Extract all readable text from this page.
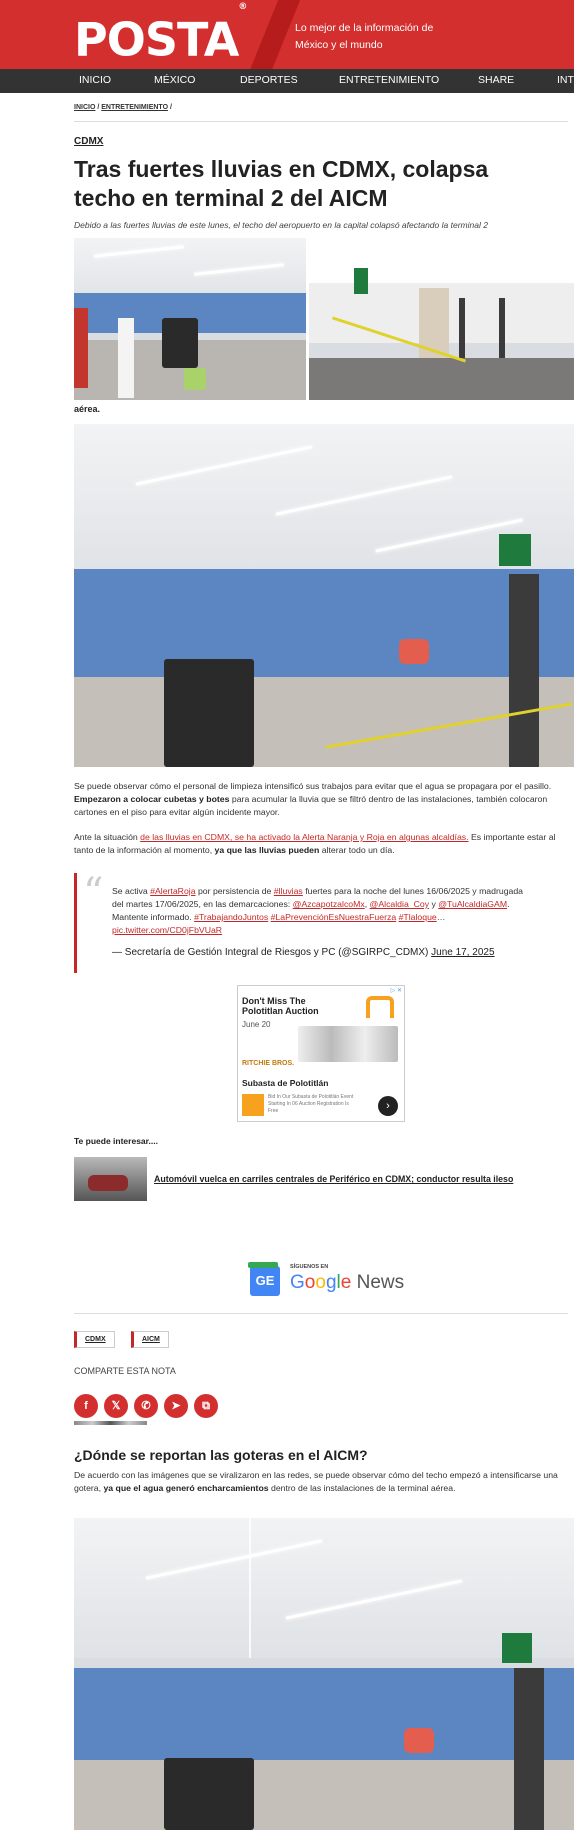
POSTA®
Lo mejor de la información de
México y el mundo
INICIO	MÉXICO	DEPORTES	ENTRETENIMIENTO	SHARE	INTE
INICIO / ENTRETENIMIENTO /
CDMX
Tras fuertes lluvias en CDMX, colapsa techo en terminal 2 del AICM
Debido a las fuertes lluvias de este lunes, el techo del aeropuerto en la capital colapsó afectando la terminal 2
aérea.

Se puede observar cómo el personal de limpieza intensificó sus trabajos para evitar que el agua se propagara por el pasillo. Empezaron a colocar cubetas y botes para acumular la lluvia que se filtró dentro de las instalaciones, también colocaron cartones en el piso para evitar algún incidente mayor.

Ante la situación de las lluvias en CDMX, se ha activado la Alerta Naranja y Roja en algunas alcaldías. Es importante estar al tanto de la información al momento, ya que las lluvias pueden alterar todo un día.

“ Se activa #AlertaRoja por persistencia de #lluvias fuertes para la noche del lunes 16/06/2025 y madrugada del martes 17/06/2025, en las demarcaciones: @AzcapotzalcoMx, @Alcaldia_Coy y @TuAlcaldiaGAM. Mantente informado. #TrabajandoJuntos #LaPrevenciónEsNuestraFuerza #Tlaloque… pic.twitter.com/CD0jFbVUaR
— Secretaría de Gestión Integral de Riesgos y PC (@SGIRPC_CDMX) June 17, 2025
▷ ✕
Don't Miss The Polotitlan Auction
June 20
RITCHIE BROS.
Subasta de Polotitlán
Bid In Our Subasta de Polotitlán Event Starting In 06 Auction Registration Is Free	›
Te puede interesar....
Automóvil vuelca en carriles centrales de Periférico en CDMX; conductor resulta ileso
GE
SÍGUENOS EN
Google News
CDMX	AICM
COMPARTE ESTA NOTA
f	𝕏	✆	➤	⧉
¿Dónde se reportan las goteras en el AICM?

De acuerdo con las imágenes que se viralizaron en las redes, se puede observar cómo del techo empezó a intensificarse una gotera, ya que el agua generó encharcamientos dentro de las instalaciones de la terminal aérea.
